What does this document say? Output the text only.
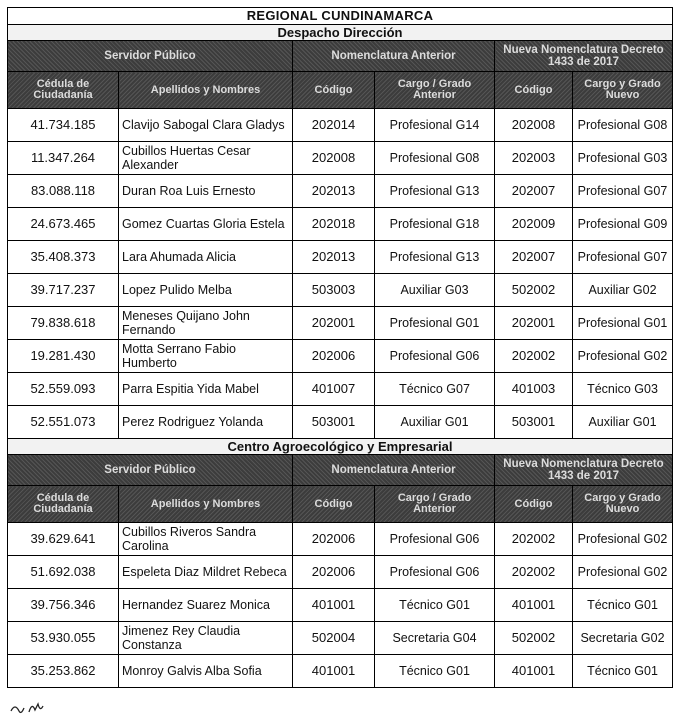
REGIONAL CUNDINAMARCA					
Despacho Dirección					
Servidor Público		Nomenclatura Anterior		Nueva Nomenclatura Decreto 1433 de 2017	
Cédula de Ciudadanía	Apellidos y Nombres	Código	Cargo / Grado Anterior	Código	Cargo y Grado Nuevo
41.734.185	Clavijo Sabogal Clara Gladys	202014	Profesional G14	202008	Profesional G08
11.347.264	Cubillos Huertas Cesar Alexander	202008	Profesional G08	202003	Profesional G03
83.088.118	Duran Roa Luis Ernesto	202013	Profesional G13	202007	Profesional G07
24.673.465	Gomez Cuartas Gloria Estela	202018	Profesional G18	202009	Profesional G09
35.408.373	Lara Ahumada Alicia	202013	Profesional G13	202007	Profesional G07
39.717.237	Lopez Pulido Melba	503003	Auxiliar G03	502002	Auxiliar G02
79.838.618	Meneses Quijano John Fernando	202001	Profesional G01	202001	Profesional G01
19.281.430	Motta Serrano Fabio Humberto	202006	Profesional G06	202002	Profesional G02
52.559.093	Parra Espitia Yida Mabel	401007	Técnico G07	401003	Técnico G03
52.551.073	Perez Rodriguez Yolanda	503001	Auxiliar G01	503001	Auxiliar G01
Centro Agroecológico y Empresarial					
Servidor Público		Nomenclatura Anterior		Nueva Nomenclatura Decreto 1433 de 2017	
Cédula de Ciudadanía	Apellidos y Nombres	Código	Cargo / Grado Anterior	Código	Cargo y Grado Nuevo
39.629.641	Cubillos Riveros Sandra Carolina	202006	Profesional G06	202002	Profesional G02
51.692.038	Espeleta Diaz Mildret Rebeca	202006	Profesional G06	202002	Profesional G02
39.756.346	Hernandez Suarez Monica	401001	Técnico G01	401001	Técnico G01
53.930.055	Jimenez Rey Claudia Constanza	502004	Secretaria G04	502002	Secretaria G02
35.253.862	Monroy Galvis Alba Sofia	401001	Técnico G01	401001	Técnico G01
